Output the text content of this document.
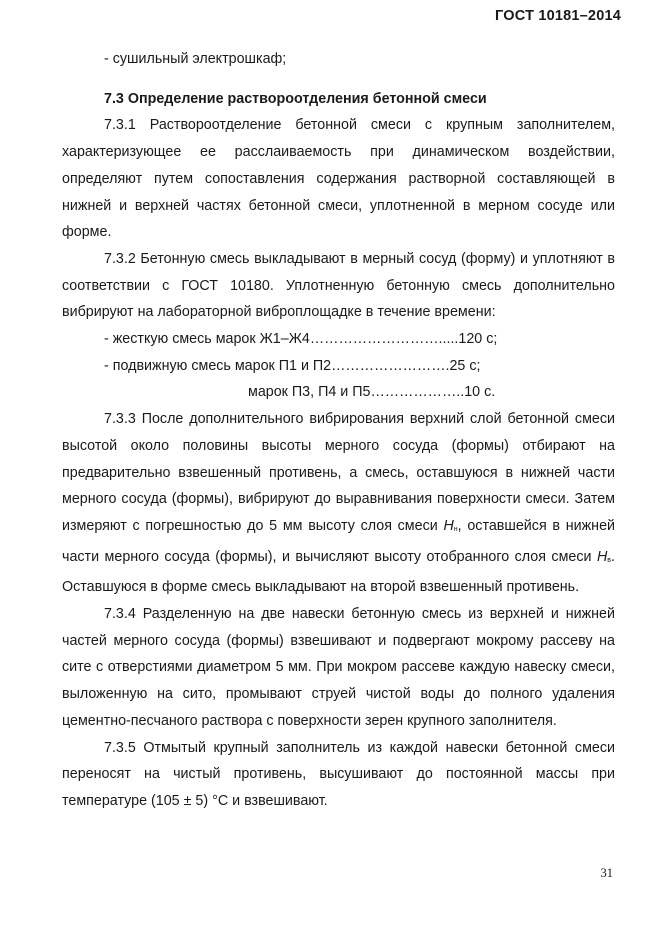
ГОСТ 10181–2014
- сушильный электрошкаф;
7.3 Определение раствороотделения бетонной смеси
7.3.1 Раствороотделение бетонной смеси с крупным заполнителем, характеризующее ее расслаиваемость при динамическом воздействии, определяют путем сопоставления содержания растворной составляющей в нижней и верхней частях бетонной смеси, уплотненной в мерном сосуде или форме.
7.3.2 Бетонную смесь выкладывают в мерный сосуд (форму) и уплотняют в соответствии с ГОСТ 10180. Уплотненную бетонную смесь дополнительно вибрируют на лабораторной виброплощадке в течение времени:
- жесткую смесь марок Ж1–Ж4……………………….....120 с;
- подвижную смесь марок П1 и П2…………………….25 с;
марок П3, П4 и П5………………..10 с.
7.3.3 После дополнительного вибрирования верхний слой бетонной смеси высотой около половины высоты мерного сосуда (формы) отбирают на предварительно взвешенный противень, а смесь, оставшуюся в нижней части мерного сосуда (формы), вибрируют до выравнивания поверхности смеси. Затем измеряют с погрешностью до 5 мм высоту слоя смеси Hн, оставшейся в нижней части мерного сосуда (формы), и вычисляют высоту отобранного слоя смеси Hв. Оставшуюся в форме смесь выкладывают на второй взвешенный противень.
7.3.4 Разделенную на две навески бетонную смесь из верхней и нижней частей мерного сосуда (формы) взвешивают и подвергают мокрому рассеву на сите с отверстиями диаметром 5 мм. При мокром рассеве каждую навеску смеси, выложенную на сито, промывают струей чистой воды до полного удаления цементно-песчаного раствора с поверхности зерен крупного заполнителя.
7.3.5 Отмытый крупный заполнитель из каждой навески бетонной смеси переносят на чистый противень, высушивают до постоянной массы при температуре (105 ± 5) °С и взвешивают.
31
